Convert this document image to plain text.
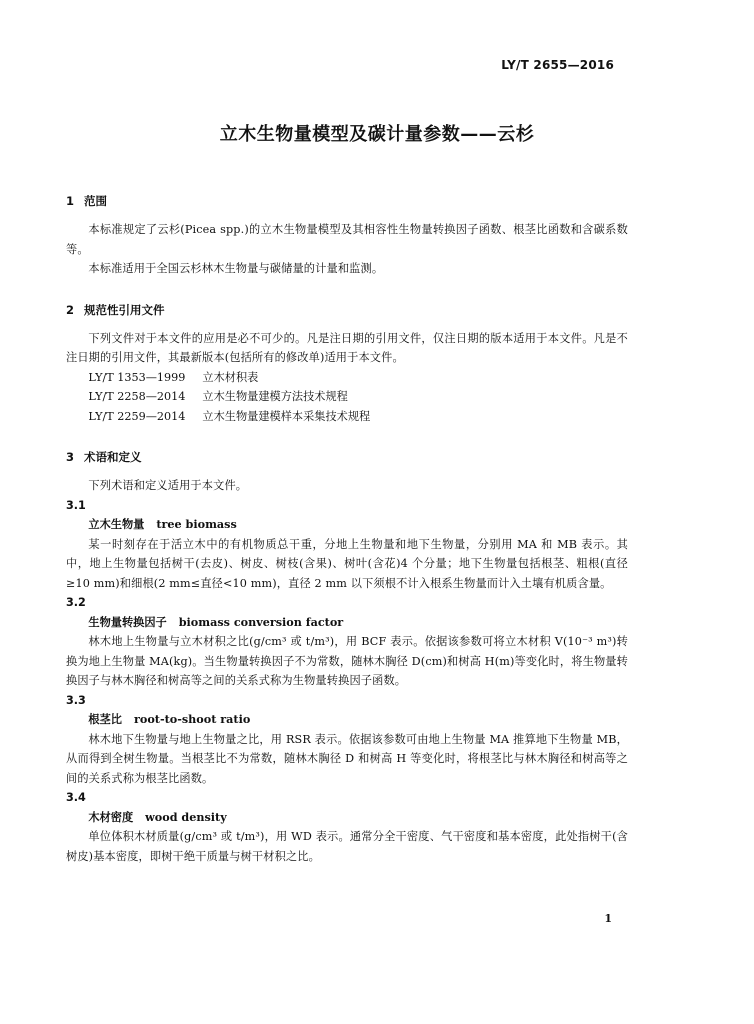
LY/T 2655—2016
立木生物量模型及碳计量参数——云杉
1 范围

本标准规定了云杉(Picea spp.)的立木生物量模型及其相容性生物量转换因子函数、根茎比函数和含碳系数等。

本标准适用于全国云杉林木生物量与碳储量的计量和监测。

2 规范性引用文件

下列文件对于本文件的应用是必不可少的。凡是注日期的引用文件，仅注日期的版本适用于本文件。凡是不注日期的引用文件，其最新版本(包括所有的修改单)适用于本文件。

LY/T 1353—1999 立木材积表
LY/T 2258—2014 立木生物量建模方法技术规程
LY/T 2259—2014 立木生物量建模样本采集技术规程
3 术语和定义

下列术语和定义适用于本文件。

3.1
立木生物量 tree biomass

某一时刻存在于活立木中的有机物质总干重，分地上生物量和地下生物量，分别用 MA 和 MB 表示。其中，地上生物量包括树干(去皮)、树皮、树枝(含果)、树叶(含花)4 个分量；地下生物量包括根茎、粗根(直径≥10 mm)和细根(2 mm≤直径<10 mm)，直径 2 mm 以下须根不计入根系生物量而计入土壤有机质含量。

3.2
生物量转换因子 biomass conversion factor

林木地上生物量与立木材积之比(g/cm³ 或 t/m³)，用 BCF 表示。依据该参数可将立木材积 V(10⁻³ m³)转换为地上生物量 MA(kg)。当生物量转换因子不为常数，随林木胸径 D(cm)和树高 H(m)等变化时，将生物量转换因子与林木胸径和树高等之间的关系式称为生物量转换因子函数。

3.3
根茎比 root-to-shoot ratio

林木地下生物量与地上生物量之比，用 RSR 表示。依据该参数可由地上生物量 MA 推算地下生物量 MB，从而得到全树生物量。当根茎比不为常数，随林木胸径 D 和树高 H 等变化时，将根茎比与林木胸径和树高等之间的关系式称为根茎比函数。

3.4
木材密度 wood density

单位体积木材质量(g/cm³ 或 t/m³)，用 WD 表示。通常分全干密度、气干密度和基本密度，此处指树干(含树皮)基本密度，即树干绝干质量与树干材积之比。

1
